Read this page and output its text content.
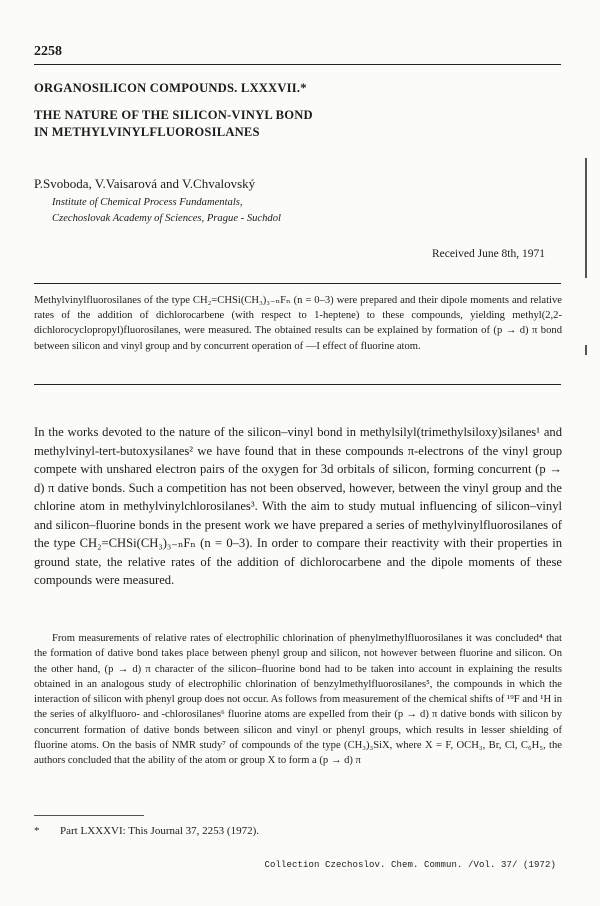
2258
ORGANOSILICON COMPOUNDS. LXXXVII.*
THE NATURE OF THE SILICON-VINYL BOND
IN METHYLVINYLFLUOROSILANES
P.Svoboda, V.Vaisarová and V.Chvalovský
Institute of Chemical Process Fundamentals,
Czechoslovak Academy of Sciences, Prague - Suchdol
Received June 8th, 1971
Methylvinylfluorosilanes of the type CH₂=CHSi(CH₃)₃₋ₙFₙ (n = 0–3) were prepared and their dipole moments and relative rates of the addition of dichlorocarbene (with respect to 1-heptene) to these compounds, yielding methyl(2,2-dichlorocyclopropyl)fluorosilanes, were measured. The obtained results can be explained by formation of (p → d) π bond between silicon and vinyl group and by concurrent operation of —I effect of fluorine atom.
In the works devoted to the nature of the silicon–vinyl bond in methylsilyl(trimethylsiloxy)silanes¹ and methylvinyl-tert-butoxysilanes² we have found that in these compounds π-electrons of the vinyl group compete with unshared electron pairs of the oxygen for 3d orbitals of silicon, forming concurrent (p → d) π dative bonds. Such a competition has not been observed, however, between the vinyl group and the chlorine atom in methylvinylchlorosilanes³. With the aim to study mutual influencing of silicon–vinyl and silicon–fluorine bonds in the present work we have prepared a series of methylvinylfluorosilanes of the type CH₂=CHSi(CH₃)₃₋ₙFₙ (n = 0–3). In order to compare their reactivity with their properties in ground state, the relative rates of the addition of dichlorocarbene and the dipole moments of these compounds were measured.
From measurements of relative rates of electrophilic chlorination of phenylmethylfluorosilanes it was concluded⁴ that the formation of dative bond takes place between phenyl group and silicon, not however between fluorine and silicon. On the other hand, (p → d) π character of the silicon–fluorine bond had to be taken into account in explaining the results obtained in an analogous study of electrophilic chlorination of benzylmethylfluorosilanes⁵, the compounds in which the interaction of silicon with phenyl group does not occur. As follows from measurement of the chemical shifts of ¹⁹F and ¹H in the series of alkylfluoro- and -chlorosilanes⁶ fluorine atoms are expelled from their (p → d) π dative bonds with silicon by concurrent formation of dative bonds between silicon and vinyl or phenyl groups, which results in lesser shielding of fluorine atoms. On the basis of NMR study⁷ of compounds of the type (CH₃)₃SiX, where X = F, OCH₃, Br, Cl, C₆H₅, the authors concluded that the ability of the atom or group X to form a (p → d) π
* Part LXXXVI: This Journal 37, 2253 (1972).
Collection Czechoslov. Chem. Commun. /Vol. 37/ (1972)
